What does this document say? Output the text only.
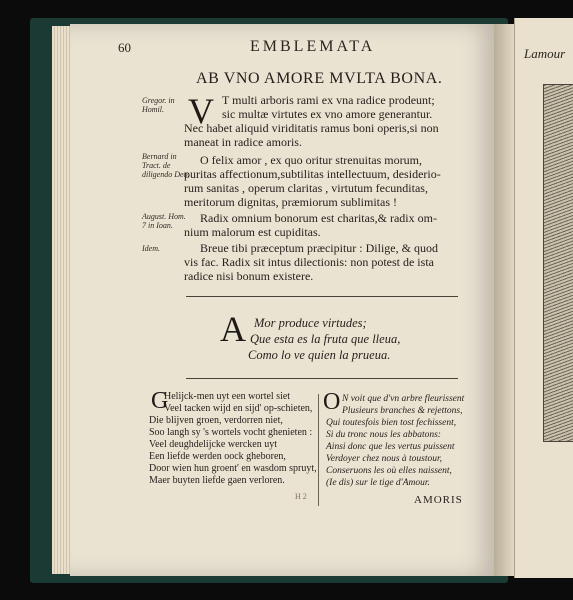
Lamour
60	EMBLEMATA
AB VNO AMORE MVLTA BONA.
Gregor. in Homil.
Bernard in Tract. de diligendo Deo.
August. Hom. 7 in Ioan.
Idem.
V T multi arboris rami ex vna radice prodeunt;
sic multæ virtutes ex vno amore generantur.
Nec habet aliquid viriditatis ramus boni operis,si non
maneat in radice amoris.
O felix amor , ex quo oritur strenuitas morum,
puritas affectionum,subtilitas intellectuum, desiderio-
rum sanitas , operum claritas , virtutum fecunditas,
meritorum dignitas, præmiorum sublimitas !
Radix omnium bonorum est charitas,& radix om-
nium malorum est cupiditas.
Breue tibi præceptum præcipitur : Dilige, & quod
vis fac. Radix sit intus dilectionis: non potest de ista
radice nisi bonum existere.
A Mor produce virtudes;
Que esta es la fruta que lleua,
Como lo ve quien la prueua.
G
Helijck-men uyt een wortel siet
Veel tacken wijd en sijd' op-schieten,
Die blijven groen, verdorren niet,
Soo langh sy 's wortels vocht ghenieten :
Veel deughdelijcke wercken uyt
Een liefde werden oock gheboren,
Door wien hun groent' en wasdom spruyt,
Maer buyten liefde gaen verloren.
O N voit que d'vn arbre fleurissent
Plusieurs branches & rejettons,
Qui toutesfois bien tost fechissent,
Si du tronc nous les abbatons:
Ainsi donc que les vertus puissent
Verdoyer chez nous à toustour,
Conseruons les où elles naissent,
(Ie dis) sur le tige d'Amour.
H 2	AMORIS
